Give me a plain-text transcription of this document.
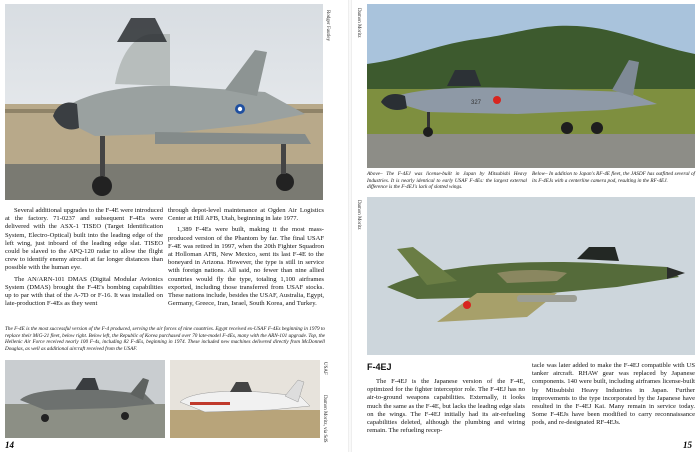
Rodger Fautley

Several additional upgrades to the F-4E were introduced at the factory. 71-0237 and subsequent F-4Es were delivered with the ASX-1 TISEO (Target Identification System, Electro-Optical) built into the leading edge of the left wing, just inboard of the leading edge slat. TISEO could be slaved to the APQ-120 radar to allow the flight crew to identify enemy aircraft at far longer distances than possible with the human eye.

The AN/ARN-101 DMAS (Digital Modular Avionics System (DMAS) brought the F-4E's bombing capabilities up to par with that of the A-7D or F-16. It was installed on late-production F-4Es as they went

through depot-level maintenance at Ogden Air Logistics Center at Hill AFB, Utah, beginning in late 1977.

1,389 F-4Es were built, making it the most mass-produced version of the Phantom by far. The final USAF F-4E was retired in 1997, when the 20th Fighter Squadron at Holloman AFB, New Mexico, sent its last F-4E to the boneyard in Arizona. However, the type is still in service with foreign nations. All said, no fewer than nine allied countries would fly the type, totaling 1,100 airframes exported, including those transferred from USAF stocks. These nations include, besides the USAF, Australia, Egypt, Germany, Greece, Iran, Israel, South Korea, and Turkey.

The F-4E is the most successful version of the F-4 produced, serving the air forces of nine countries. Egypt received ex-USAF F-4Es beginning in 1979 to replace their MiG-21 fleet, below right. Below left, the Republic of Korea purchased over 70 late-model F-4Es, many with the ARN-101 upgrade. Top, the Hellenic Air Force received nearly 100 F-4s, including 82 F-4Es, beginning in 1974. These included new machines delivered directly from McDonnell Douglas, as well as additional aircraft received from the USAF.

Damon Moritz, via SdS
USAF
14
Damon Moritz
327

Above– The F-4EJ was license-built in Japan by Mitsubishi Heavy Industries. It is nearly identical to early USAF F-4Es: the largest external difference is the F-4EJ's lack of slotted wings.

Below– In addition to Japan's RF-4E fleet, the JASDF has outfitted several of its F-4EJs with a centerline camera pod, resulting in the RF-4EJ.

Damon Moritz
F-4EJ

The F-4EJ is the Japanese version of the F-4E, optimized for the fighter interceptor role. The F-4EJ has no air-to-ground weapons capabilities. Externally, it looks much the same as the F-4E, but lacks the leading edge slats on the wings. The F-4EJ initially had its air-refueling capabilities deleted, although the plumbing and wiring remain. The refueling recep-

tacle was later added to make the F-4EJ compatible with US tanker aircraft. RHAW gear was replaced by Japanese components. 140 were built, including airframes license-built by Mitsubishi Heavy Industries in Japan. Further improvements to the type incorporated by the Japanese have resulted in the F-4EJ Kai. Many remain in service today. Some F-4EJs have been modified to carry reconnaissance pods, and re-designated RF-4EJs.

15
